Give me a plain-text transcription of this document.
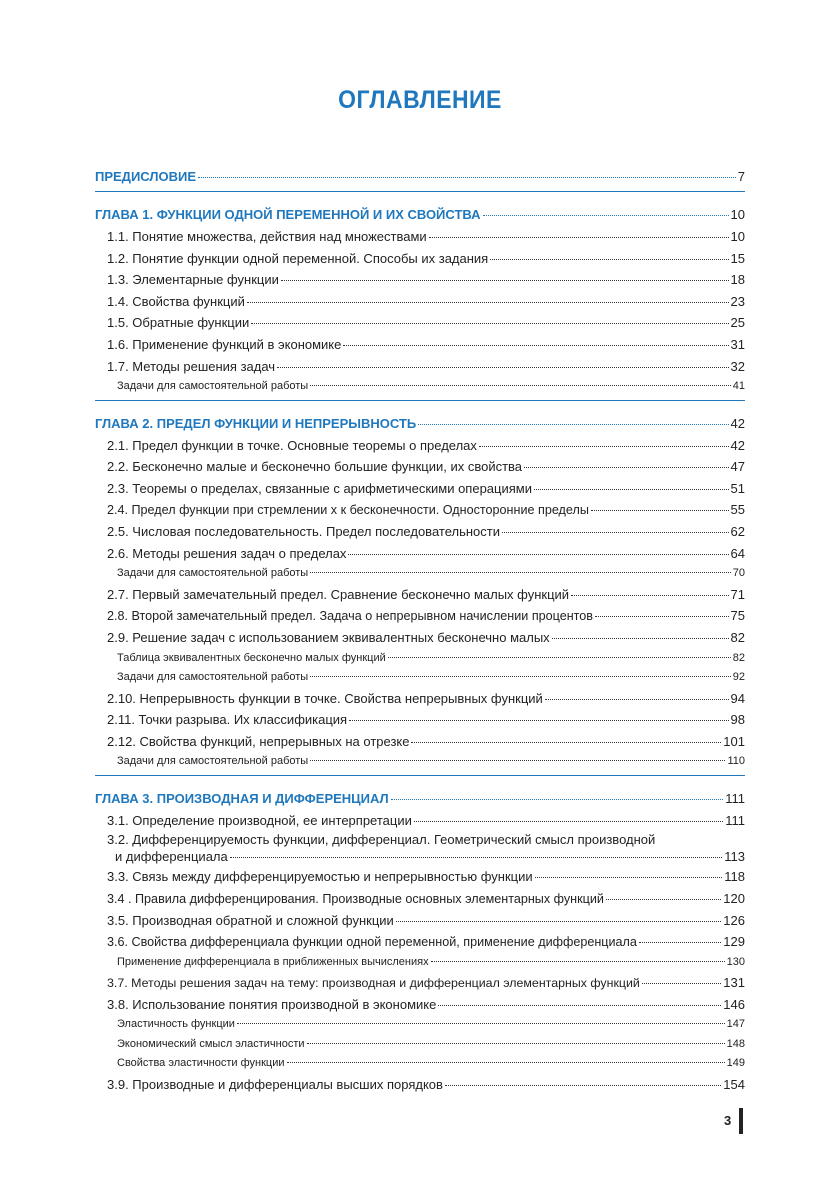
ОГЛАВЛЕНИЕ
ПРЕДИСЛОВИЕ	7
ГЛАВА 1. ФУНКЦИИ ОДНОЙ ПЕРЕМЕННОЙ И ИХ СВОЙСТВА	10
1.1. Понятие множества, действия над множествами	10
1.2. Понятие функции одной переменной. Способы их задания	15
1.3. Элементарные функции	18
1.4. Свойства функций	23
1.5. Обратные функции	25
1.6. Применение функций в экономике	31
1.7. Методы решения задач	32
Задачи для самостоятельной работы	41
ГЛАВА 2. ПРЕДЕЛ ФУНКЦИИ И НЕПРЕРЫВНОСТЬ	42
2.1. Предел функции в точке. Основные теоремы о пределах	42
2.2. Бесконечно малые и бесконечно большие функции, их свойства	47
2.3. Теоремы о пределах, связанные с арифметическими операциями	51
2.4. Предел функции при стремлении х к бесконечности. Односторонние пределы	55
2.5. Числовая последовательность. Предел последовательности	62
2.6. Методы решения задач о пределах	64
Задачи для самостоятельной работы	70
2.7. Первый замечательный предел. Сравнение бесконечно малых функций	71
2.8. Второй замечательный предел. Задача о непрерывном начислении процентов	75
2.9. Решение задач с использованием эквивалентных бесконечно малых	82
Таблица эквивалентных бесконечно малых функций	82
Задачи для самостоятельной работы	92
2.10. Непрерывность функции в точке. Свойства непрерывных функций	94
2.11. Точки разрыва. Их классификация	98
2.12. Свойства функций, непрерывных на отрезке	101
Задачи для самостоятельной работы	110
ГЛАВА 3. ПРОИЗВОДНАЯ И ДИФФЕРЕНЦИАЛ	111
3.1. Определение производной, ее интерпретации	111
3.2. Дифференцируемость функции, дифференциал. Геометрический смысл производной
и дифференциала	113
3.3. Связь между дифференцируемостью и непрерывностью функции	118
3.4 . Правила дифференцирования. Производные основных элементарных функций	120
3.5. Производная обратной и сложной функции	126
3.6. Свойства дифференциала функции одной переменной, применение дифференциала	129
Применение дифференциала в приближенных вычислениях	130
3.7. Методы решения задач на тему: производная и дифференциал элементарных функций	131
3.8. Использование понятия производной в экономике	146
Эластичность функции	147
Экономический смысл эластичности	148
Свойства эластичности функции	149
3.9. Производные и дифференциалы высших порядков	154
3
